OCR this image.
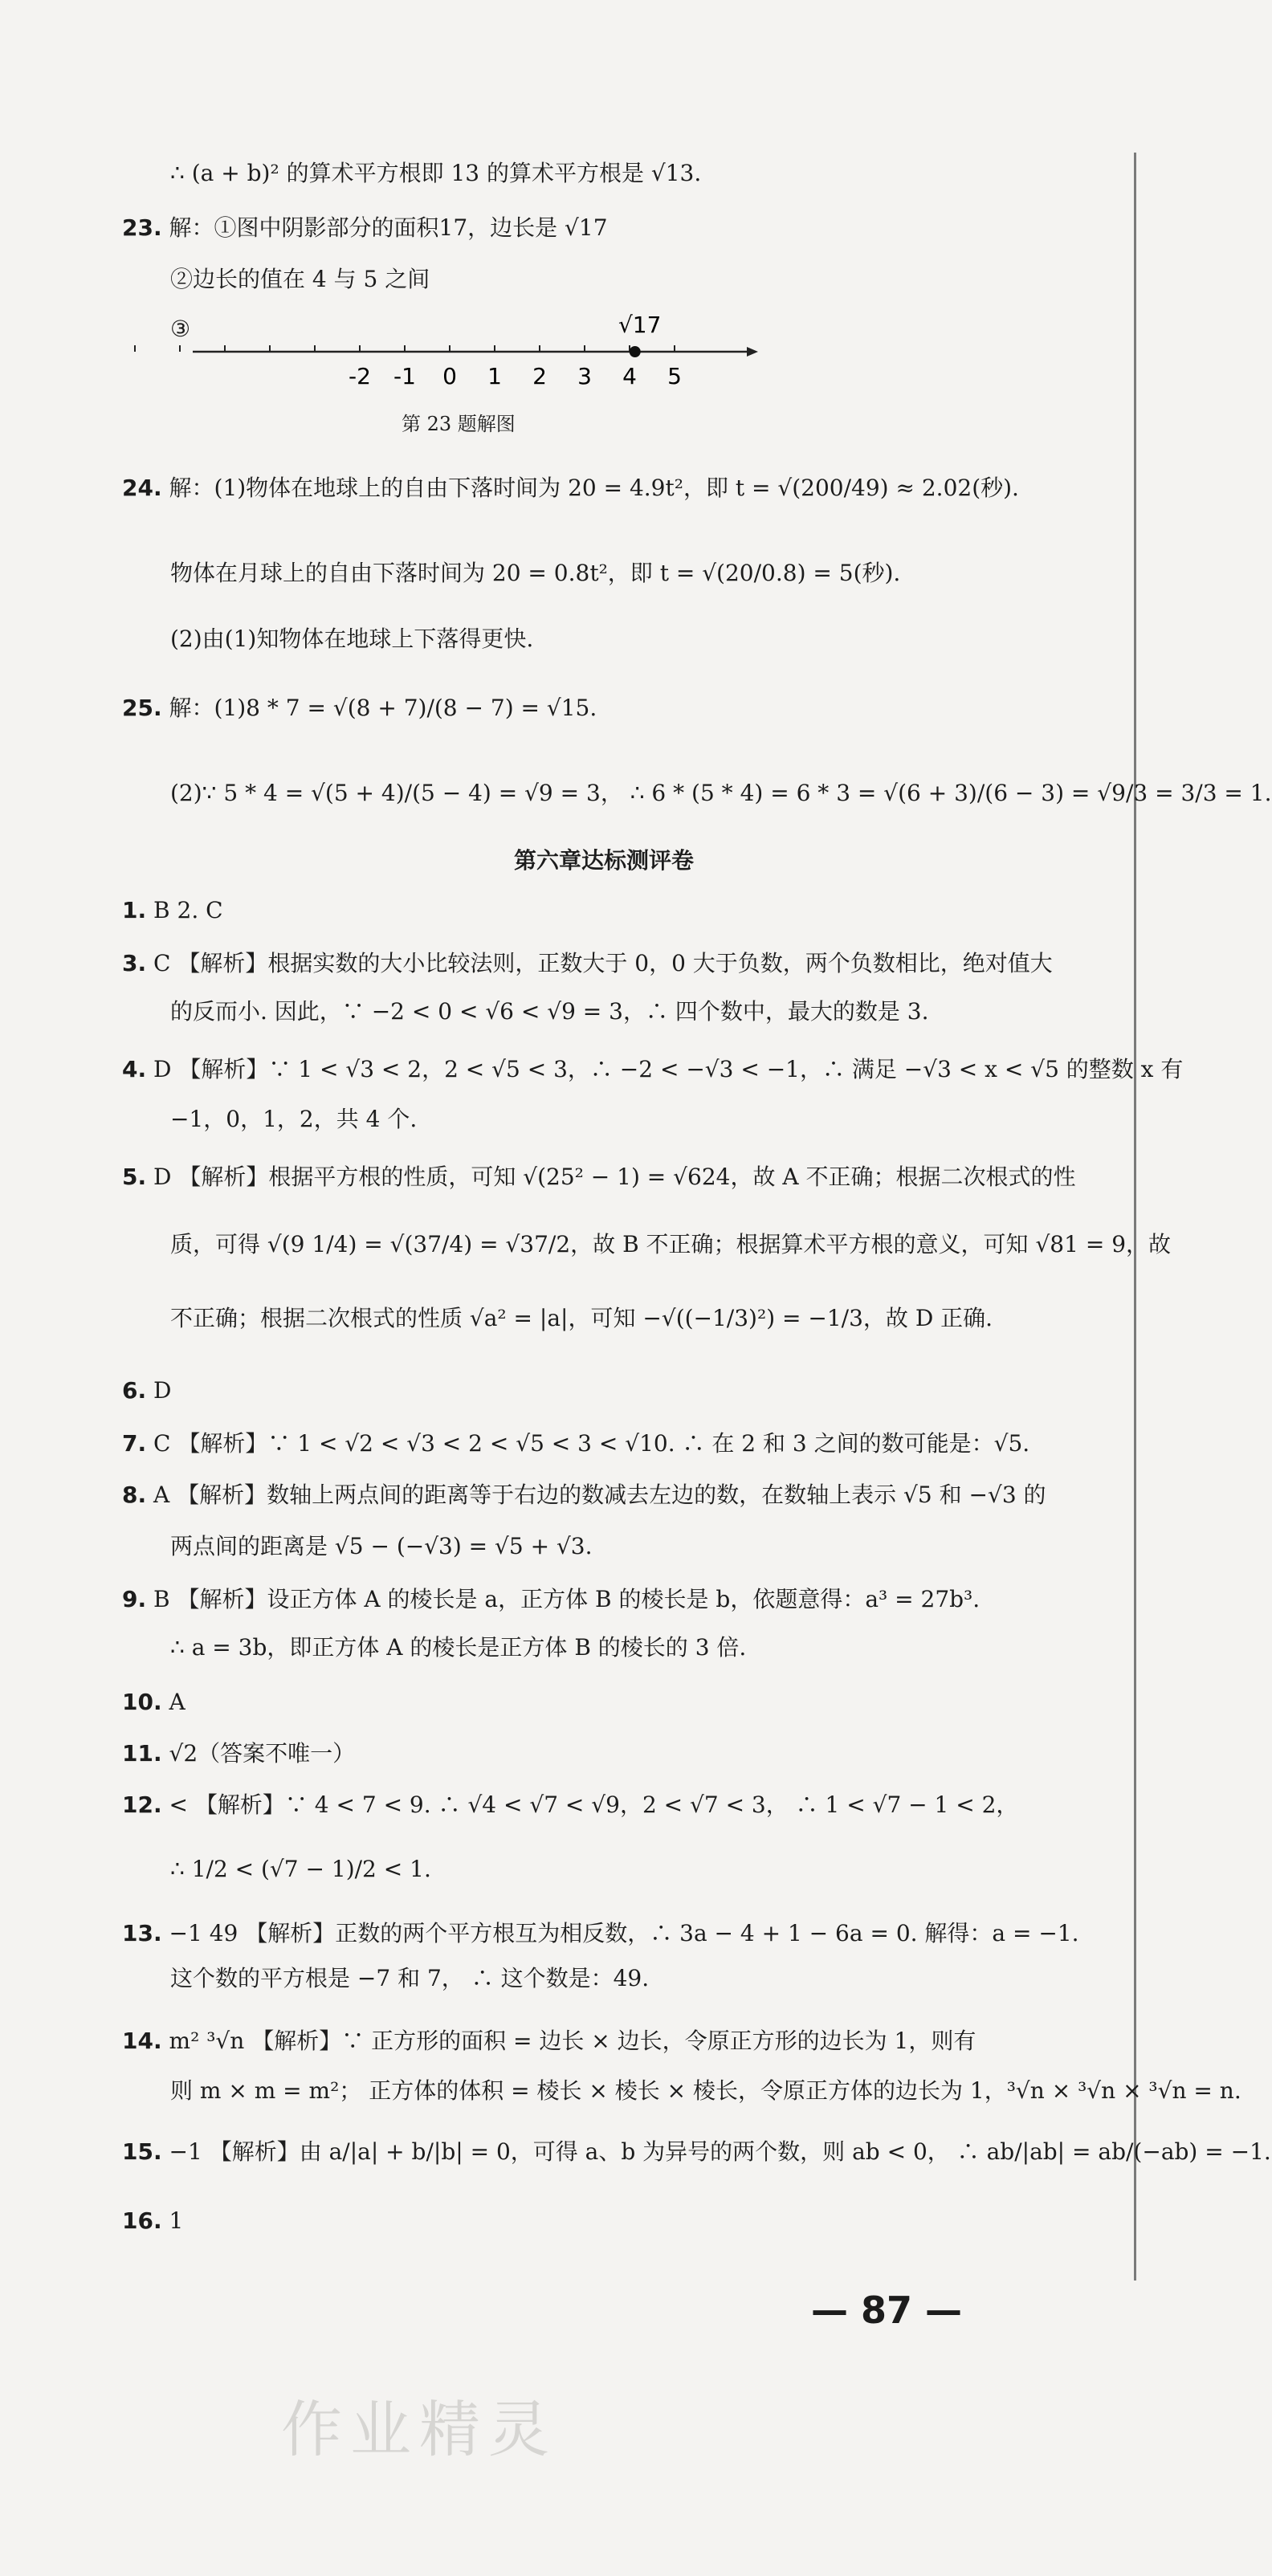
∴ (a + b)² 的算术平方根即 13 的算术平方根是 √13.
23. 解：①图中阴影部分的面积17，边长是 √17
②边长的值在 4 与 5 之间
③
-2 -1 0 1 2 3 4 5
√17
第 23 题解图
24. 解：(1)物体在地球上的自由下落时间为 20 = 4.9t²，即 t = √(200/49) ≈ 2.02(秒).
物体在月球上的自由下落时间为 20 = 0.8t²，即 t = √(20/0.8) = 5(秒).
(2)由(1)知物体在地球上下落得更快.
25. 解：(1)8 * 7 = √(8 + 7)/(8 − 7) = √15.
(2)∵ 5 * 4 = √(5 + 4)/(5 − 4) = √9 = 3， ∴ 6 * (5 * 4) = 6 * 3 = √(6 + 3)/(6 − 3) = √9/3 = 3/3 = 1.
第六章达标测评卷
1. B 2. C
3. C 【解析】根据实数的大小比较法则，正数大于 0，0 大于负数，两个负数相比，绝对值大
的反而小. 因此，∵ −2 < 0 < √6 < √9 = 3，∴ 四个数中，最大的数是 3.
4. D 【解析】∵ 1 < √3 < 2，2 < √5 < 3，∴ −2 < −√3 < −1，∴ 满足 −√3 < x < √5 的整数 x 有
−1，0，1，2，共 4 个.
5. D 【解析】根据平方根的性质，可知 √(25² − 1) = √624，故 A 不正确；根据二次根式的性
质，可得 √(9 1/4) = √(37/4) = √37/2，故 B 不正确；根据算术平方根的意义，可知 √81 = 9，故
不正确；根据二次根式的性质 √a² = |a|，可知 −√((−1/3)²) = −1/3，故 D 正确.
6. D
7. C 【解析】∵ 1 < √2 < √3 < 2 < √5 < 3 < √10. ∴ 在 2 和 3 之间的数可能是：√5.
8. A 【解析】数轴上两点间的距离等于右边的数减去左边的数，在数轴上表示 √5 和 −√3 的
两点间的距离是 √5 − (−√3) = √5 + √3.
9. B 【解析】设正方体 A 的棱长是 a，正方体 B 的棱长是 b，依题意得：a³ = 27b³.
∴ a = 3b，即正方体 A 的棱长是正方体 B 的棱长的 3 倍.
10. A
11. √2（答案不唯一）
12. < 【解析】∵ 4 < 7 < 9. ∴ √4 < √7 < √9，2 < √7 < 3， ∴ 1 < √7 − 1 < 2，
∴ 1/2 < (√7 − 1)/2 < 1.
13. −1 49 【解析】正数的两个平方根互为相反数，∴ 3a − 4 + 1 − 6a = 0. 解得：a = −1.
这个数的平方根是 −7 和 7， ∴ 这个数是：49.
14. m² ³√n 【解析】∵ 正方形的面积 = 边长 × 边长，令原正方形的边长为 1，则有
则 m × m = m²； 正方体的体积 = 棱长 × 棱长 × 棱长，令原正方体的边长为 1，³√n × ³√n × ³√n = n.
15. −1 【解析】由 a/|a| + b/|b| = 0，可得 a、b 为异号的两个数，则 ab < 0， ∴ ab/|ab| = ab/(−ab) = −1.
16. 1
— 87 —
作业精灵
